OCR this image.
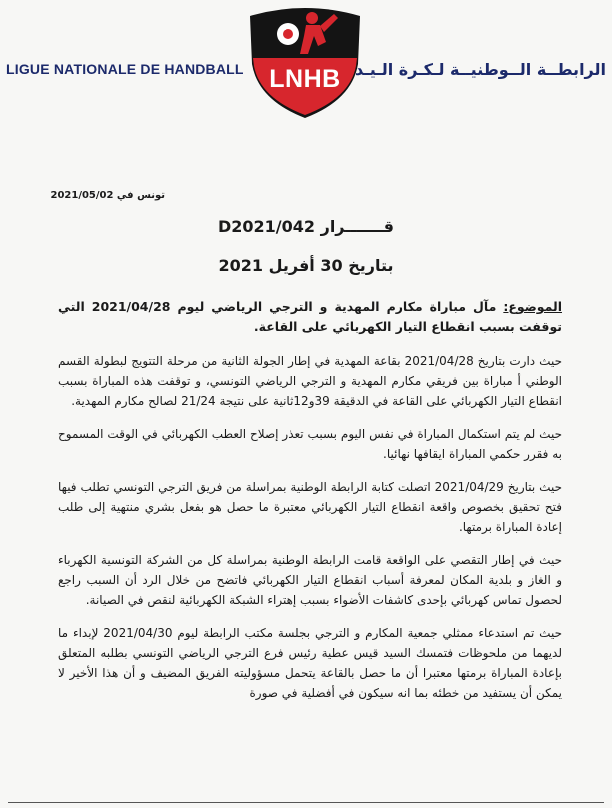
LIGUE NATIONALE DE HANDBALL	LNHB الرابطــة الــوطنيــة لـكـرة الـيـد
تونس في 2021/05/02
قـــــــرار D2021/042
بتاريخ 30 أفريل 2021

الموضوع: مآل مباراة مكارم المهدية و الترجي الرياضي ليوم 2021/04/28 التي توقفت بسبب انقطاع التيار الكهربائي على القاعة.

حيث دارت بتاريخ 2021/04/28 بقاعة المهدية في إطار الجولة الثانية من مرحلة التتويج لبطولة القسم الوطني أ مباراة بين فريقي مكارم المهدية و الترجي الرياضي التونسي، و توقفت هذه المباراة بسبب انقطاع التيار الكهربائي على القاعة في الدقيقة 39و12ثانية على نتيجة 21/24 لصالح مكارم المهدية.

حيث لم يتم استكمال المباراة في نفس اليوم بسبب تعذر إصلاح العطب الكهربائي في الوقت المسموح به فقرر حكمي المباراة ايقافها نهائيا.

حيث بتاريخ 2021/04/29 اتصلت كتابة الرابطة الوطنية بمراسلة من فريق الترجي التونسي تطلب فيها فتح تحقيق بخصوص واقعة انقطاع التيار الكهربائي معتبرة ما حصل هو بفعل بشري منتهية إلى طلب إعادة المباراة برمتها.

حيث في إطار التقصي على الواقعة قامت الرابطة الوطنية بمراسلة كل من الشركة التونسية الكهرباء و الغاز و بلدية المكان لمعرفة أسباب انقطاع التيار الكهربائي فاتضح من خلال الرد أن السبب راجع لحصول تماس كهربائي بإحدى كاشفات الأضواء بسبب إهتراء الشبكة الكهربائية لنقص في الصيانة.

حيث تم استدعاء ممثلي جمعية المكارم و الترجي بجلسة مكتب الرابطة ليوم 2021/04/30 لإبداء ما لديهما من ملحوظات فتمسك السيد قيس عطية رئيس فرع الترجي الرياضي التونسي بطلبه المتعلق بإعادة المباراة برمتها معتبرا أن ما حصل بالقاعة يتحمل مسؤوليته الفريق المضيف و أن هذا الأخير لا يمكن أن يستفيد من خطئه بما انه سيكون في أفضلية في صورة
